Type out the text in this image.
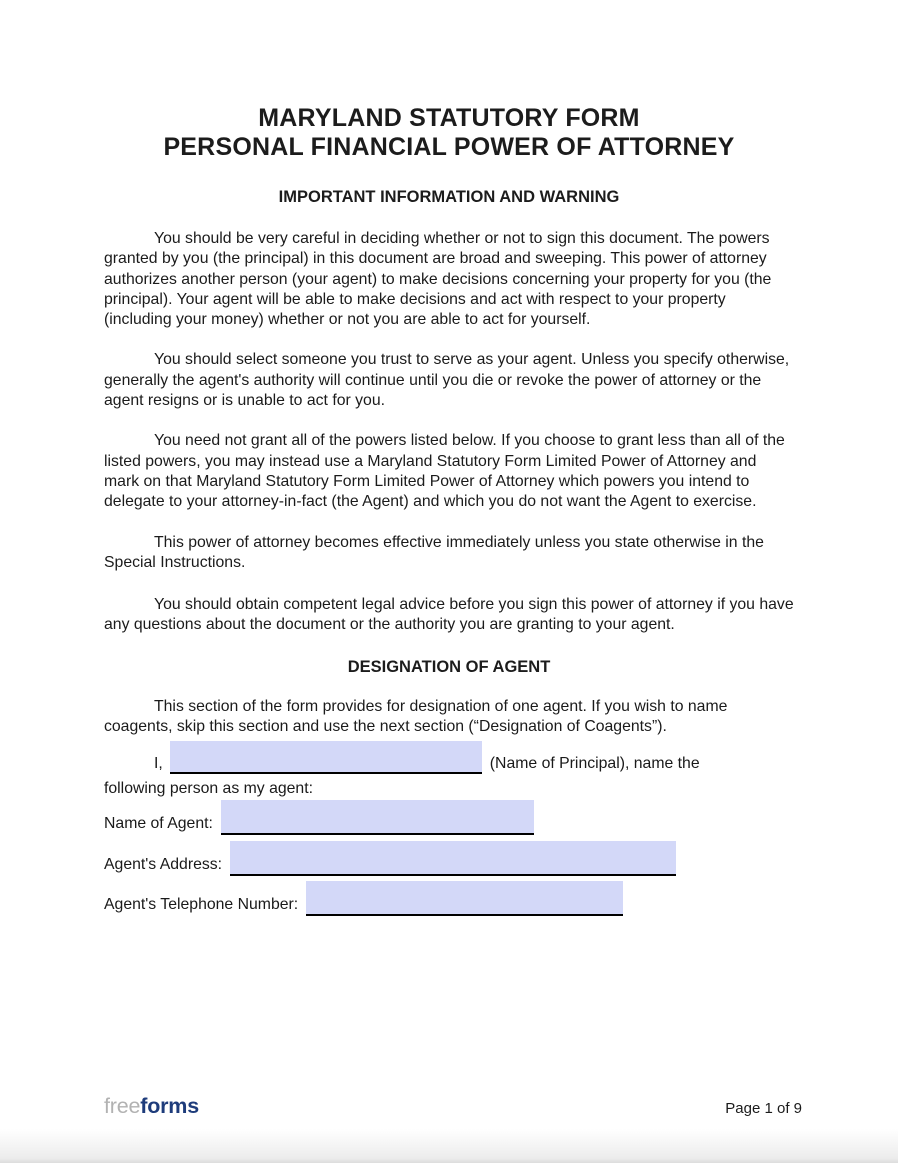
MARYLAND STATUTORY FORM
PERSONAL FINANCIAL POWER OF ATTORNEY
IMPORTANT INFORMATION AND WARNING

You should be very careful in deciding whether or not to sign this document. The powers granted by you (the principal) in this document are broad and sweeping. This power of attorney authorizes another person (your agent) to make decisions concerning your property for you (the principal). Your agent will be able to make decisions and act with respect to your property (including your money) whether or not you are able to act for yourself.

You should select someone you trust to serve as your agent. Unless you specify otherwise, generally the agent's authority will continue until you die or revoke the power of attorney or the agent resigns or is unable to act for you.

You need not grant all of the powers listed below. If you choose to grant less than all of the listed powers, you may instead use a Maryland Statutory Form Limited Power of Attorney and mark on that Maryland Statutory Form Limited Power of Attorney which powers you intend to delegate to your attorney-in-fact (the Agent) and which you do not want the Agent to exercise.

This power of attorney becomes effective immediately unless you state otherwise in the Special Instructions.

You should obtain competent legal advice before you sign this power of attorney if you have any questions about the document or the authority you are granting to your agent.

DESIGNATION OF AGENT

This section of the form provides for designation of one agent. If you wish to name coagents, skip this section and use the next section (“Designation of Coagents”).

I,	(Name of Principal), name the
following person as my agent:
Name of Agent:
Agent's Address:
Agent's Telephone Number:
freeforms	Page 1 of 9
